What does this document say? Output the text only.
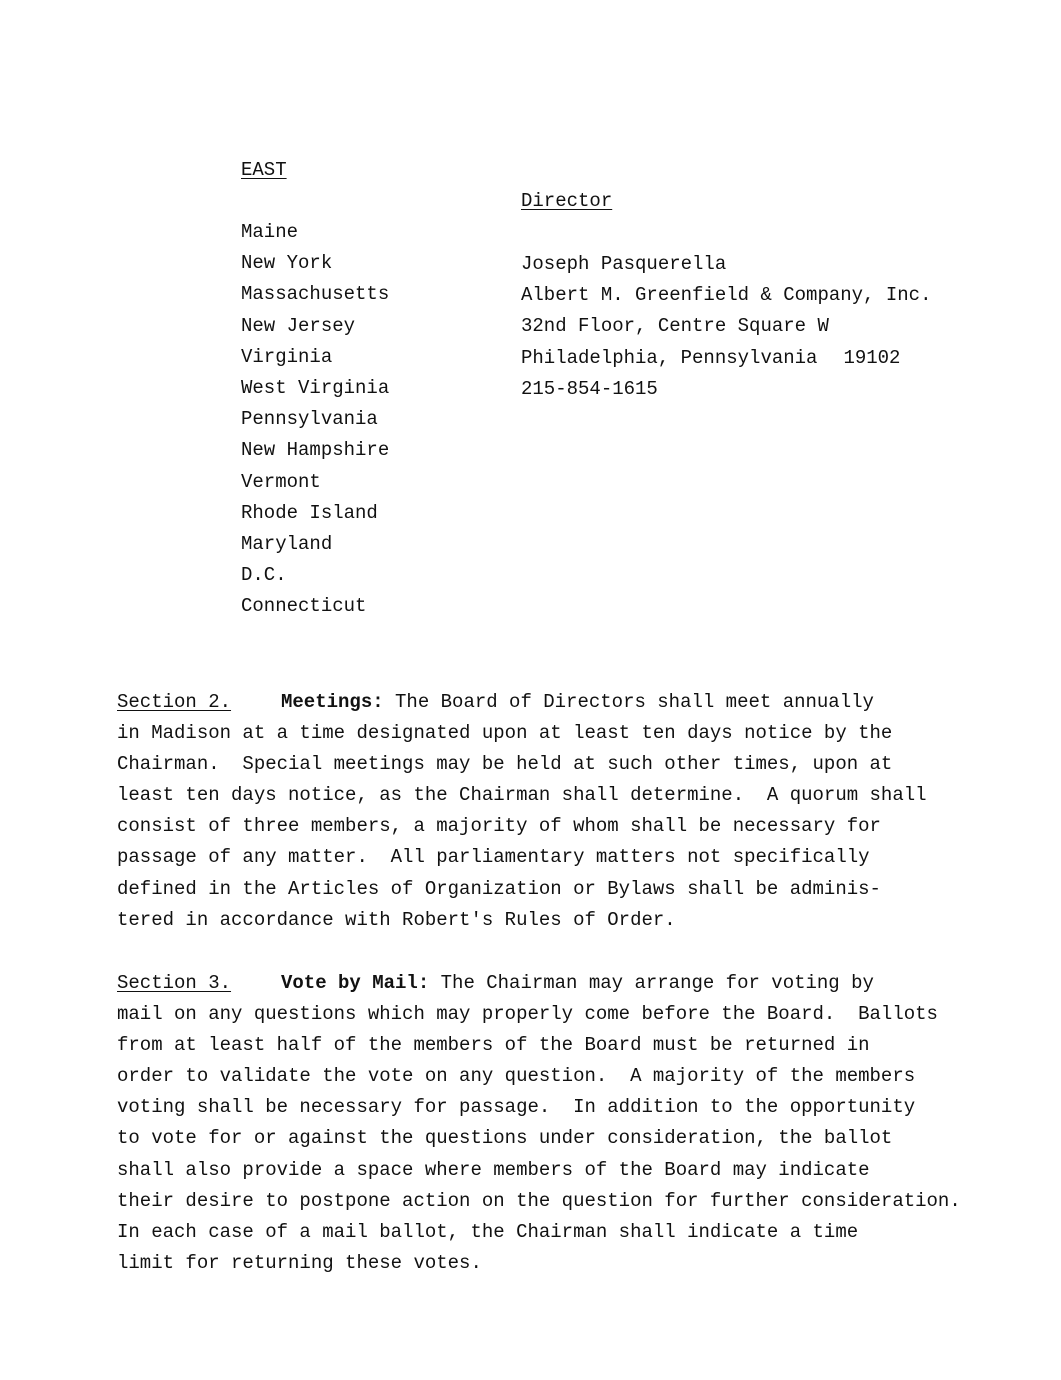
EAST
Maine
New York
Massachusetts
New Jersey
Virginia
West Virginia
Pennsylvania
New Hampshire
Vermont
Rhode Island
Maryland
D.C.
Connecticut
Director
Joseph Pasquerella
Albert M. Greenfield & Company, Inc.
32nd Floor, Centre Square W
Philadelphia, Pennsylvania 19102
215-854-1615
Section 2.	Meetings: The Board of Directors shall meet annually
in Madison at a time designated upon at least ten days notice by the
Chairman.  Special meetings may be held at such other times, upon at
least ten days notice, as the Chairman shall determine.  A quorum shall
consist of three members, a majority of whom shall be necessary for
passage of any matter.  All parliamentary matters not specifically
defined in the Articles of Organization or Bylaws shall be adminis-
tered in accordance with Robert's Rules of Order.
Section 3.	Vote by Mail: The Chairman may arrange for voting by
mail on any questions which may properly come before the Board.  Ballots
from at least half of the members of the Board must be returned in
order to validate the vote on any question.  A majority of the members
voting shall be necessary for passage.  In addition to the opportunity
to vote for or against the questions under consideration, the ballot
shall also provide a space where members of the Board may indicate
their desire to postpone action on the question for further consideration.
In each case of a mail ballot, the Chairman shall indicate a time
limit for returning these votes.
